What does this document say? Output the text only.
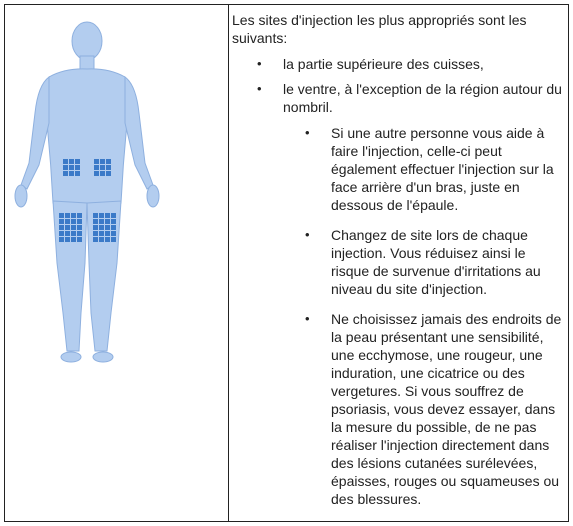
Les sites d'injection les plus appropriés sont les suivants:

• la partie supérieure des cuisses,
• le ventre, à l'exception de la région autour du nombril.
• Si une autre personne vous aide à faire l'injection, celle-ci peut également effectuer l'injection sur la face arrière d'un bras, juste en dessous de l'épaule.
• Changez de site lors de chaque injection. Vous réduisez ainsi le risque de survenue d'irritations au niveau du site d'injection.
• Ne choisissez jamais des endroits de la peau présentant une sensibilité, une ecchymose, une rougeur, une induration, une cicatrice ou des vergetures. Si vous souffrez de psoriasis, vous devez essayer, dans la mesure du possible, de ne pas réaliser l'injection directement dans des lésions cutanées surélevées, épaisses, rouges ou squameuses ou des blessures.
